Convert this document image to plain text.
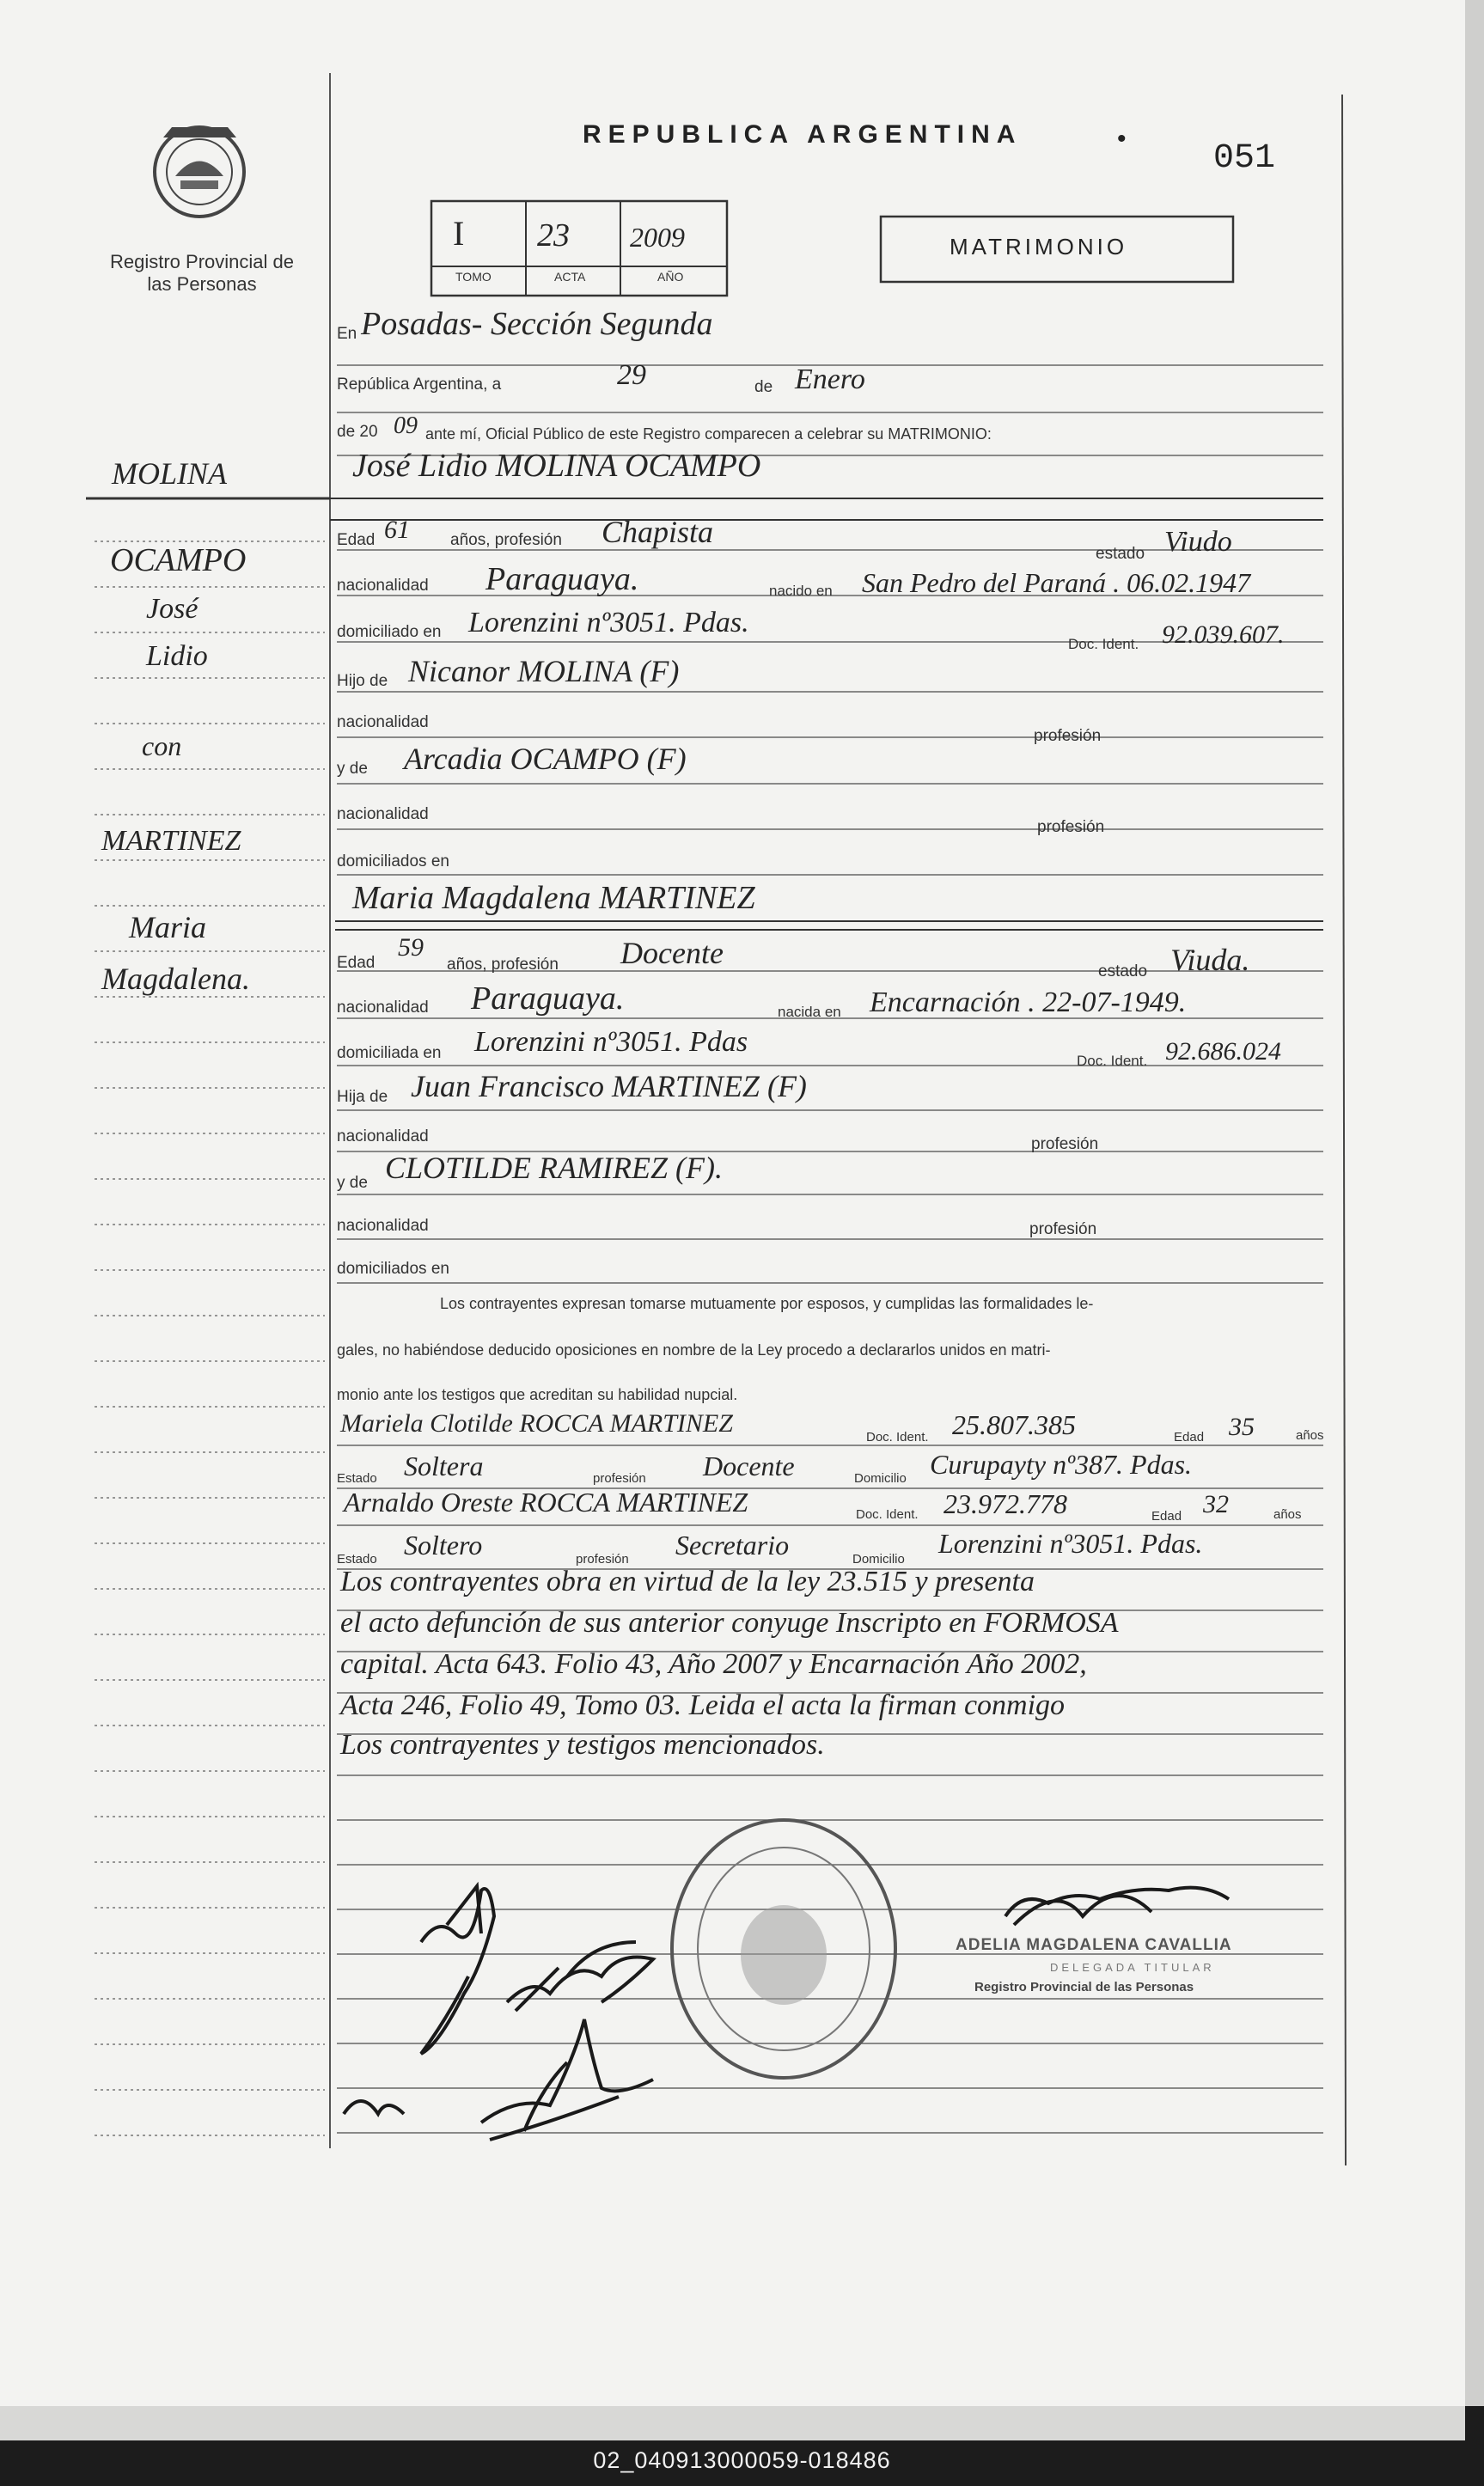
REPUBLICA ARGENTINA	•
051
Registro Provincial de las Personas
I 23 2009
TOMO	ACTA	AÑO
MATRIMONIO
MOLINA
OCAMPO
José
Lidio
con
MARTINEZ
Maria
Magdalena.
En Posadas- Sección Segunda
República Argentina, a	29	de Enero
de 20 09 ante mí, Oficial Público de este Registro comparecen a celebrar su MATRIMONIO:
José Lidio MOLINA OCAMPO
Edad 61 años, profesión Chapista
estado Viudo
nacionalidad Paraguaya.	nacido en San Pedro del Paraná . 06.02.1947
domiciliado en Lorenzini nº3051. Pdas.
Doc. Ident. 92.039.607.
Hijo de Nicanor MOLINA (F)
nacionalidad
profesión
y de Arcadia OCAMPO (F)
nacionalidad
profesión
domiciliados en
Maria Magdalena MARTINEZ
Edad
59
años, profesión Docente
estado Viuda.
nacionalidad Paraguaya.	nacida en Encarnación . 22-07-1949.
domiciliada en Lorenzini nº3051. Pdas
Doc. Ident. 92.686.024
Hija de Juan Francisco MARTINEZ (F)
nacionalidad	profesión
y de CLOTILDE RAMIREZ (F).
nacionalidad	profesión
domiciliados en
Los contrayentes expresan tomarse mutuamente por esposos, y cumplidas las formalidades le-
gales, no habiéndose deducido oposiciones en nombre de la Ley procedo a declararlos unidos en matri-
monio ante los testigos que acreditan su habilidad nupcial.
Mariela Clotilde ROCCA MARTINEZ	Doc. Ident. 25.807.385	Edad 35	años
Estado Soltera	profesión Docente	Domicilio Curupayty nº387. Pdas.
Arnaldo Oreste ROCCA MARTINEZ	Doc. Ident. 23.972.778	Edad 32	años
Estado Soltero	profesión Secretario	Domicilio
Lorenzini nº3051. Pdas.
Los contrayentes obra en virtud de la ley 23.515 y presenta
el acto defunción de sus anterior conyuge Inscripto en FORMOSA
capital. Acta 643. Folio 43, Año 2007 y Encarnación Año 2002,
Acta 246, Folio 49, Tomo 03. Leida el acta la firman conmigo
Los contrayentes y testigos mencionados.
ADELIA MAGDALENA CAVALLIA
DELEGADA TITULAR
Registro Provincial de las Personas
02_040913000059-018486
